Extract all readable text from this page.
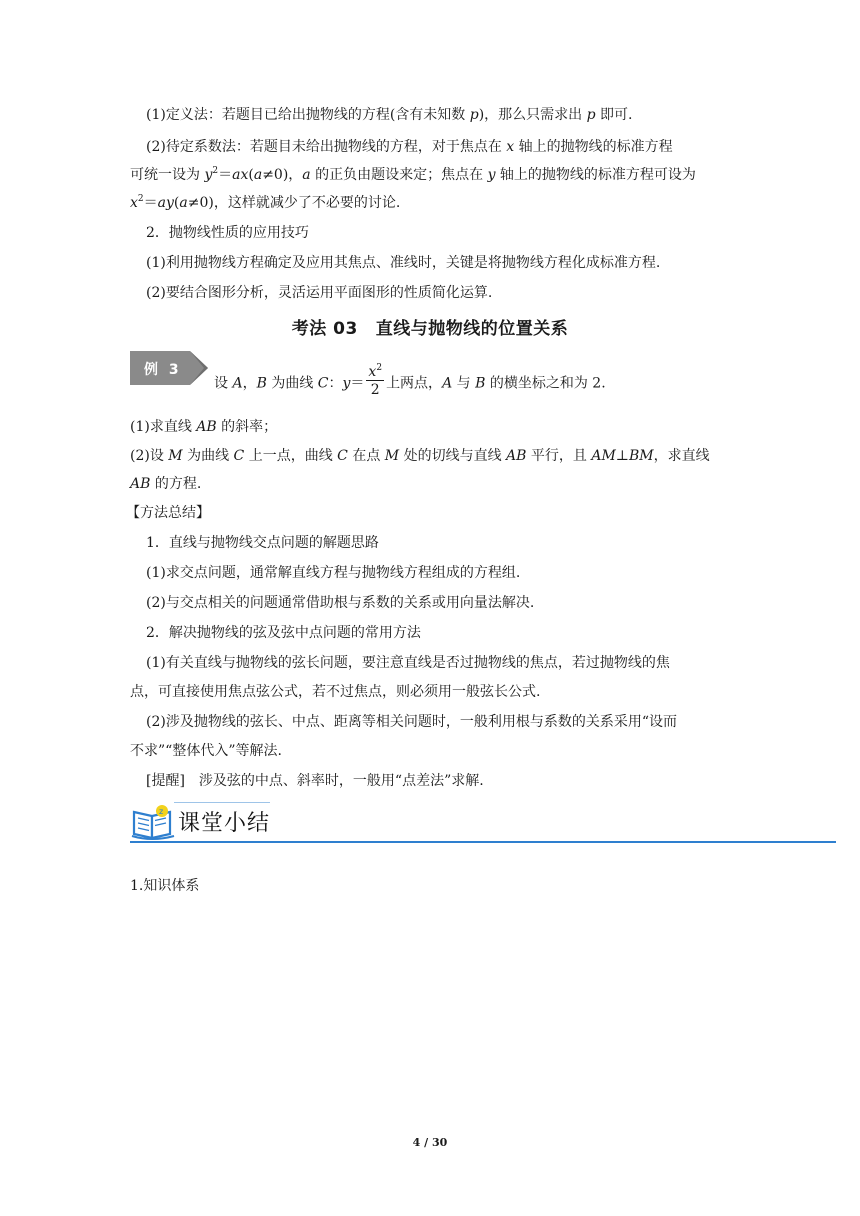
(1)定义法：若题目已给出抛物线的方程(含有未知数 p)，那么只需求出 p 即可.

(2)待定系数法：若题目未给出抛物线的方程，对于焦点在 x 轴上的抛物线的标准方程

可统一设为 $y^2=ax(a\ne 0)$，a 的正负由题设来定；焦点在 y 轴上的抛物线的标准方程可设为

$x^2=ay(a\ne 0)$，这样就减少了不必要的讨论.

2．抛物线性质的应用技巧

(1)利用抛物线方程确定及应用其焦点、准线时，关键是将抛物线方程化成标准方程.

(2)要结合图形分析，灵活运用平面图形的性质简化运算.

考法 03 直线与抛物线的位置关系
例 3

设 A，B 为曲线 C：$y= \frac{x^2}{2}$ 上两点，A 与 B 的横坐标之和为 2.

(1)求直线 AB 的斜率；

(2)设 M 为曲线 C 上一点，曲线 C 在点 M 处的切线与直线 AB 平行，且 AM⊥BM，求直线

AB 的方程.

【方法总结】

1．直线与抛物线交点问题的解题思路

(1)求交点问题，通常解直线方程与抛物线方程组成的方程组.

(2)与交点相关的问题通常借助根与系数的关系或用向量法解决.

2．解决抛物线的弦及弦中点问题的常用方法

(1)有关直线与抛物线的弦长问题，要注意直线是否过抛物线的焦点，若过抛物线的焦

点，可直接使用焦点弦公式，若不过焦点，则必须用一般弦长公式.

(2)涉及抛物线的弦长、中点、距离等相关问题时，一般利用根与系数的关系采用“设而

不求”“整体代入”等解法.

[提醒]　涉及弦的中点、斜率时，一般用“点差法”求解.

z 课堂小结

1.知识体系

4 / 30
